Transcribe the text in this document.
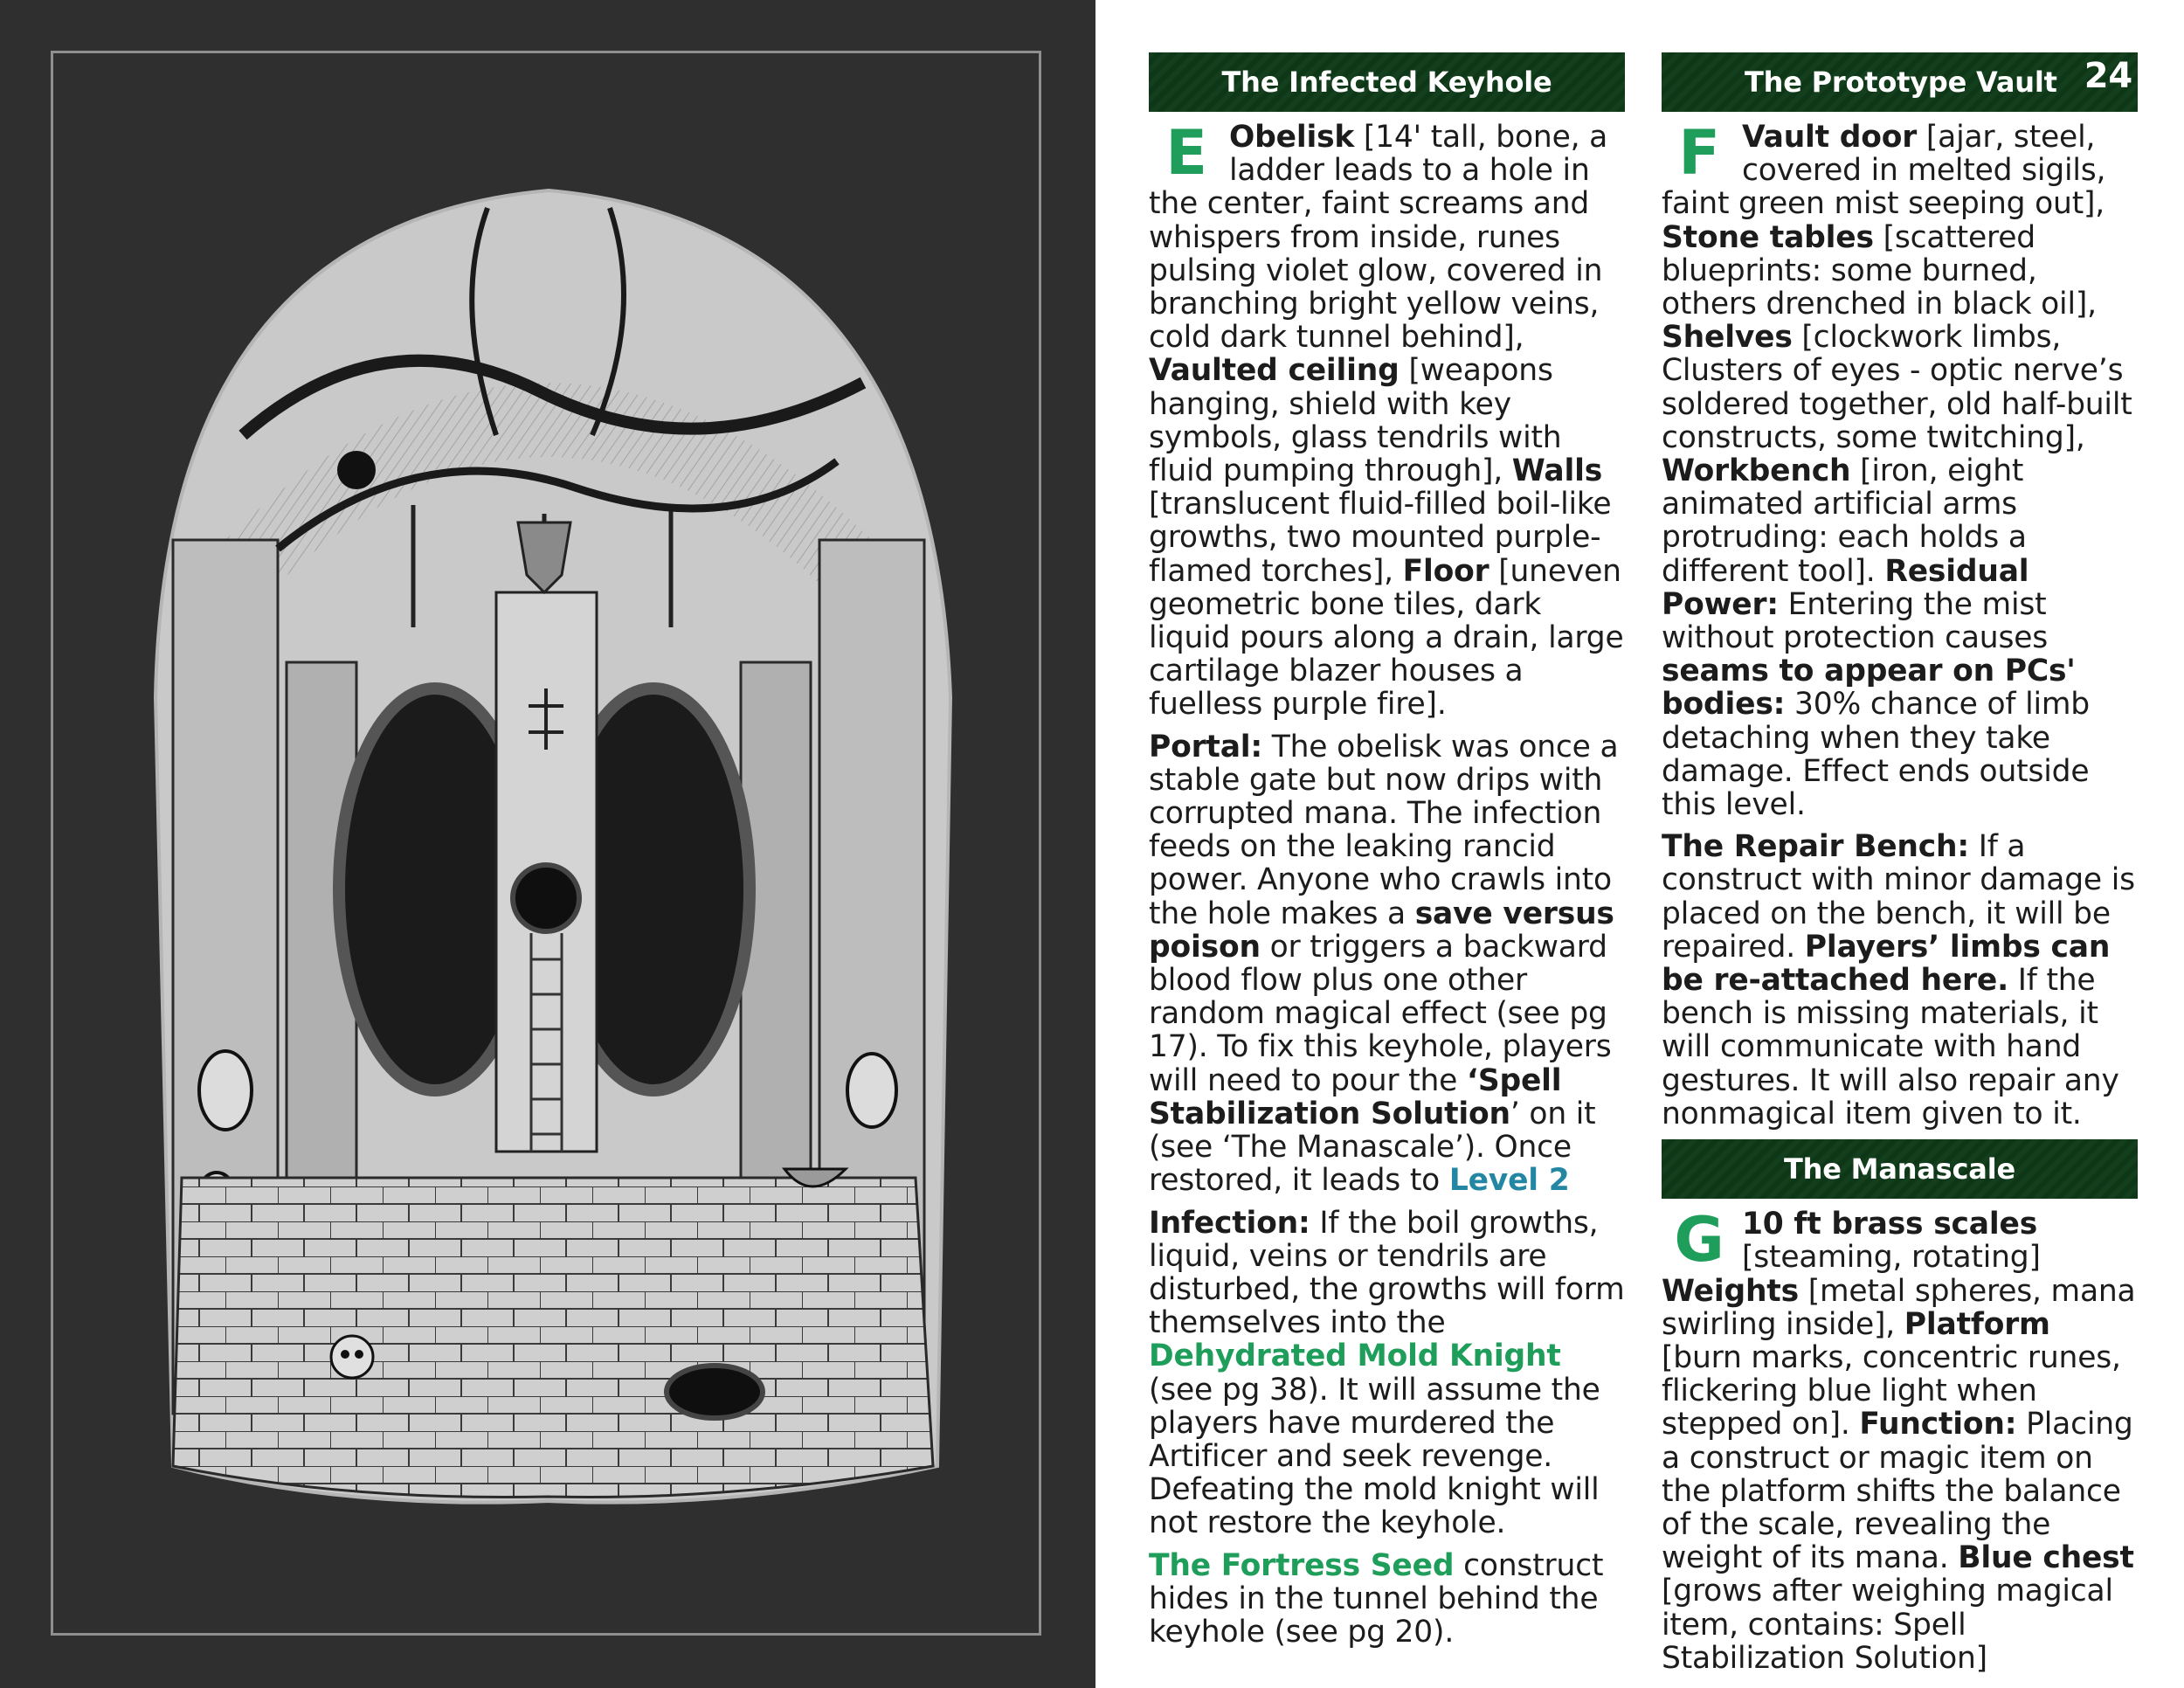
The Infected Keyhole
E Obelisk [14' tall, bone, a ladder leads to a hole in the center, faint screams and whispers from inside, runes pulsing violet glow, covered in branching bright yellow veins, cold dark tunnel behind], Vaulted ceiling [weapons hanging, shield with key symbols, glass tendrils with fluid pumping through], Walls [translucent fluid-filled boil-like growths, two mounted purple-flamed torches], Floor [uneven geometric bone tiles, dark liquid pours along a drain, large cartilage blazer houses a fuelless purple fire].
Portal: The obelisk was once a stable gate but now drips with corrupted mana. The infection feeds on the leaking rancid power. Anyone who crawls into the hole makes a save versus poison or triggers a backward blood flow plus one other random magical effect (see pg 17). To fix this keyhole, players will need to pour the ‘Spell Stabilization Solution’ on it (see ‘The Manascale’). Once restored, it leads to Level 2
Infection: If the boil growths, liquid, veins or tendrils are disturbed, the growths will form themselves into the Dehydrated Mold Knight (see pg 38). It will assume the players have murdered the Artificer and seek revenge. Defeating the mold knight will not restore the keyhole.
The Fortress Seed construct hides in the tunnel behind the keyhole (see pg 20).
The Prototype Vault 24
F Vault door [ajar, steel, covered in melted sigils, faint green mist seeping out], Stone tables [scattered blueprints: some burned, others drenched in black oil], Shelves [clockwork limbs, Clusters of eyes - optic nerve’s soldered together, old half-built constructs, some twitching], Workbench [iron, eight animated artificial arms protruding: each holds a different tool]. Residual Power: Entering the mist without protection causes seams to appear on PCs' bodies: 30% chance of limb detaching when they take damage. Effect ends outside this level.
The Repair Bench: If a construct with minor damage is placed on the bench, it will be repaired. Players’ limbs can be re-attached here. If the bench is missing materials, it will communicate with hand gestures. It will also repair any nonmagical item given to it.
The Manascale
G 10 ft brass scales [steaming, rotating] Weights [metal spheres, mana swirling inside], Platform [burn marks, concentric runes, flickering blue light when stepped on]. Function: Placing a construct or magic item on the platform shifts the balance of the scale, revealing the weight of its mana. Blue chest [grows after weighing magical item, contains: Spell Stabilization Solution]
